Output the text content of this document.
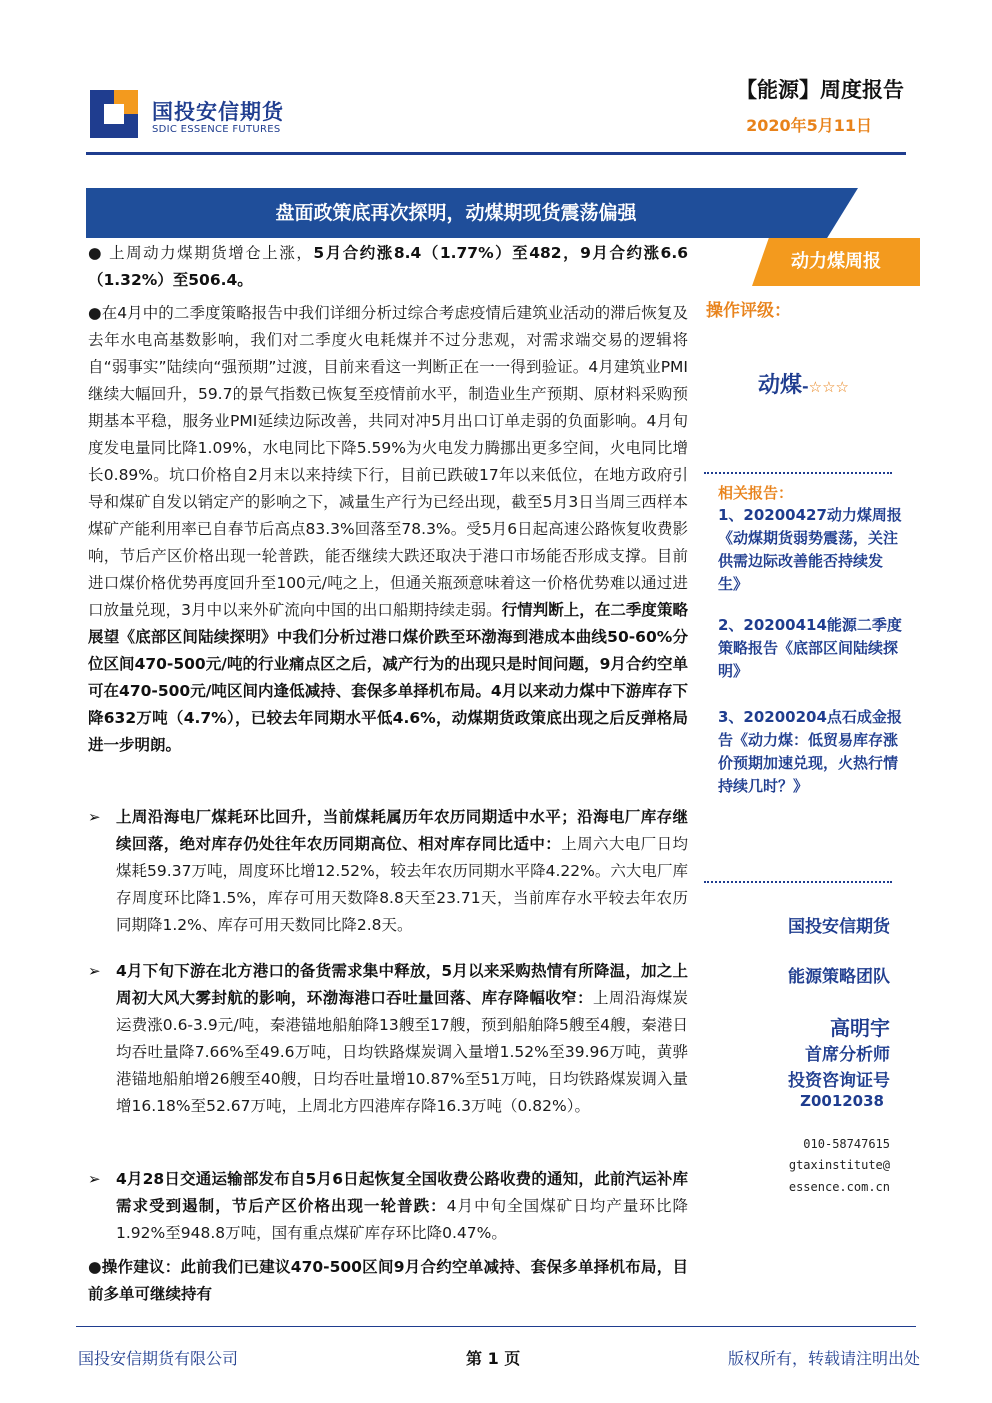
国投安信期货
SDIC ESSENCE FUTURES
【能源】周度报告
2020年5月11日
盘面政策底再次探明，动煤期现货震荡偏强
动力煤周报
操作评级：
动煤-☆☆☆
相关报告：
1、20200427动力煤周报《动煤期货弱势震荡，关注供需边际改善能否持续发生》
2、20200414能源二季度策略报告《底部区间陆续探明》
3、20200204点石成金报告《动力煤：低贸易库存涨价预期加速兑现，火热行情持续几时？》
国投安信期货
能源策略团队
高明宇
首席分析师
投资咨询证号
Z0012038
010-58747615
gtaxinstitute@
essence.com.cn
● 上周动力煤期货增仓上涨，5月合约涨8.4（1.77%）至482，9月合约涨6.6（1.32%）至506.4。
●在4月中的二季度策略报告中我们详细分析过综合考虑疫情后建筑业活动的滞后恢复及去年水电高基数影响，我们对二季度火电耗煤并不过分悲观，对需求端交易的逻辑将自“弱事实”陆续向“强预期”过渡，目前来看这一判断正在一一得到验证。4月建筑业PMI继续大幅回升，59.7的景气指数已恢复至疫情前水平，制造业生产预期、原材料采购预期基本平稳，服务业PMI延续边际改善，共同对冲5月出口订单走弱的负面影响。4月旬度发电量同比降1.09%，水电同比下降5.59%为火电发力腾挪出更多空间，火电同比增长0.89%。坑口价格自2月末以来持续下行，目前已跌破17年以来低位，在地方政府引导和煤矿自发以销定产的影响之下，减量生产行为已经出现，截至5月3日当周三西样本煤矿产能利用率已自春节后高点83.3%回落至78.3%。受5月6日起高速公路恢复收费影响，节后产区价格出现一轮普跌，能否继续大跌还取决于港口市场能否形成支撑。目前进口煤价格优势再度回升至100元/吨之上，但通关瓶颈意味着这一价格优势难以通过进口放量兑现，3月中以来外矿流向中国的出口船期持续走弱。行情判断上，在二季度策略展望《底部区间陆续探明》中我们分析过港口煤价跌至环渤海到港成本曲线50-60%分位区间470-500元/吨的行业痛点区之后，减产行为的出现只是时间问题，9月合约空单可在470-500元/吨区间内逢低减持、套保多单择机布局。4月以来动力煤中下游库存下降632万吨（4.7%），已较去年同期水平低4.6%，动煤期货政策底出现之后反弹格局进一步明朗。
➢ 上周沿海电厂煤耗环比回升，当前煤耗属历年农历同期适中水平；沿海电厂库存继续回落，绝对库存仍处往年农历同期高位、相对库存同比适中：上周六大电厂日均煤耗59.37万吨，周度环比增12.52%，较去年农历同期水平降4.22%。六大电厂库存周度环比降1.5%，库存可用天数降8.8天至23.71天，当前库存水平较去年农历同期降1.2%、库存可用天数同比降2.8天。
➢ 4月下旬下游在北方港口的备货需求集中释放，5月以来采购热情有所降温，加之上周初大风大雾封航的影响，环渤海港口吞吐量回落、库存降幅收窄：上周沿海煤炭运费涨0.6-3.9元/吨，秦港锚地船舶降13艘至17艘，预到船舶降5艘至4艘，秦港日均吞吐量降7.66%至49.6万吨，日均铁路煤炭调入量增1.52%至39.96万吨，黄骅港锚地船舶增26艘至40艘，日均吞吐量增10.87%至51万吨，日均铁路煤炭调入量增16.18%至52.67万吨，上周北方四港库存降16.3万吨（0.82%）。
➢ 4月28日交通运输部发布自5月6日起恢复全国收费公路收费的通知，此前汽运补库需求受到遏制，节后产区价格出现一轮普跌：4月中旬全国煤矿日均产量环比降1.92%至948.8万吨，国有重点煤矿库存环比降0.47%。
●操作建议：此前我们已建议470-500区间9月合约空单减持、套保多单择机布局，目前多单可继续持有
国投安信期货有限公司	第 1 页	版权所有，转载请注明出处
